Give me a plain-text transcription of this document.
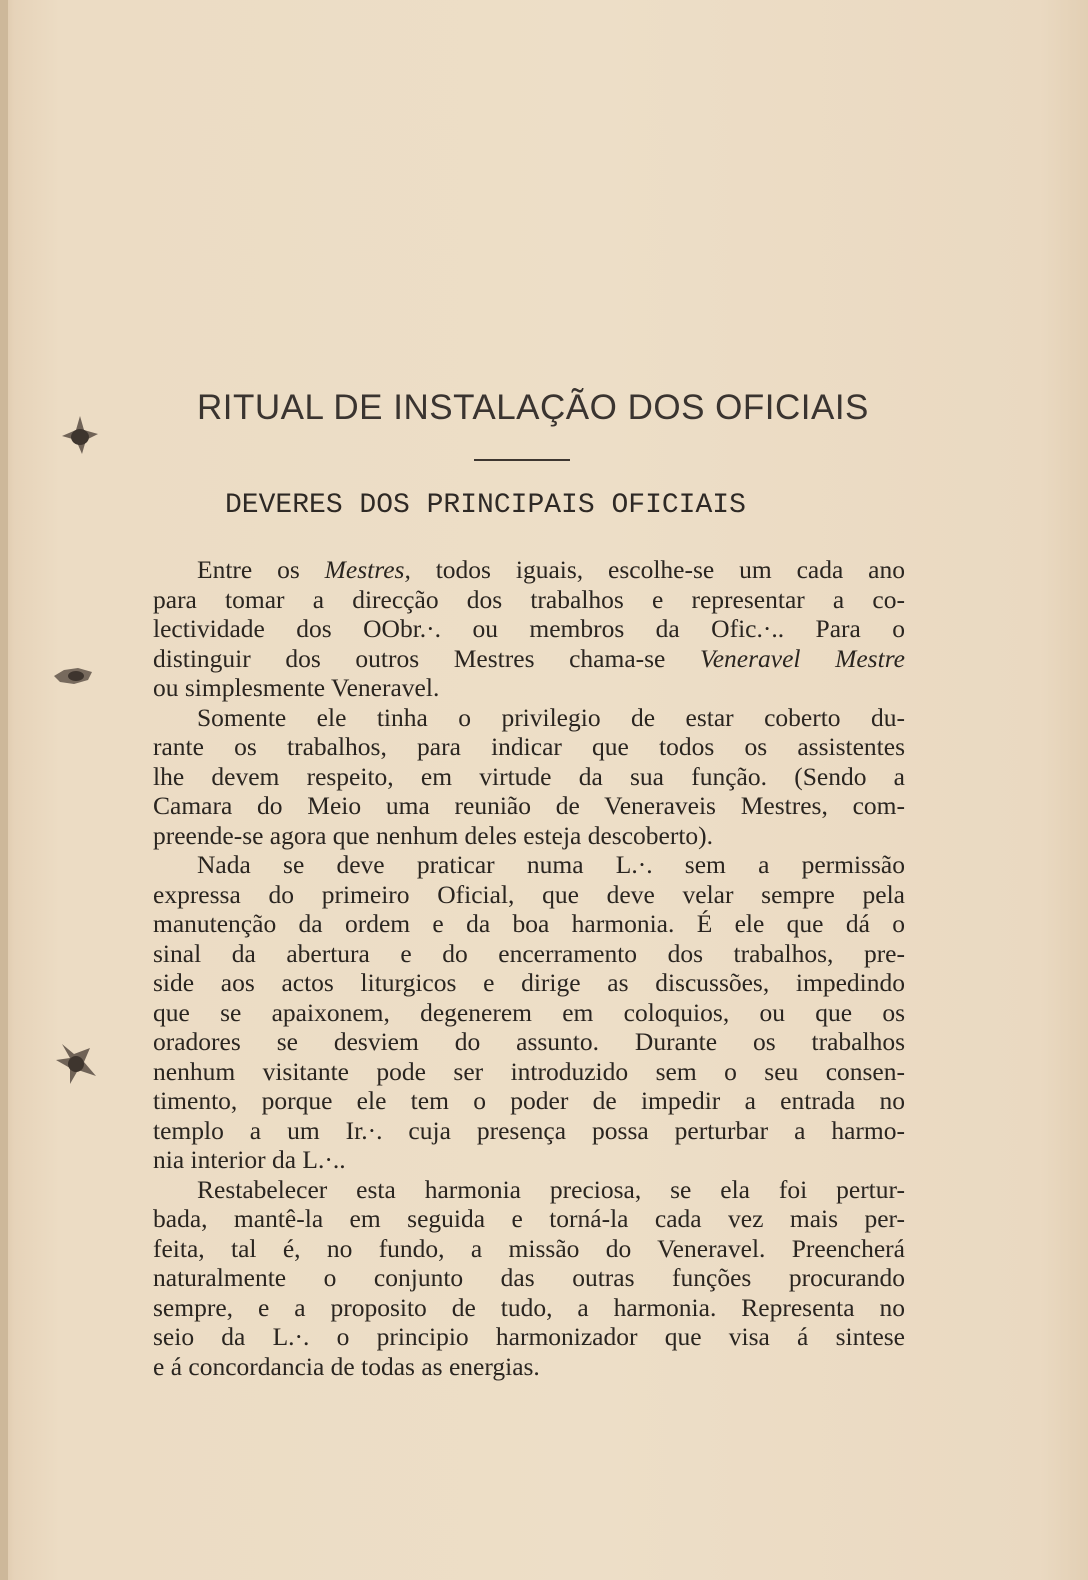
RITUAL DE INSTALAÇÃO DOS OFICIAIS
DEVERES DOS PRINCIPAIS OFICIAIS
Entre os Mestres, todos iguais, escolhe-se um cada ano
para tomar a direcção dos trabalhos e representar a co-
lectividade dos OObr.·. ou membros da Ofic.·.. Para o
distinguir dos outros Mestres chama-se Veneravel Mestre
ou simplesmente Veneravel.
Somente ele tinha o privilegio de estar coberto du-
rante os trabalhos, para indicar que todos os assistentes
lhe devem respeito, em virtude da sua função. (Sendo a
Camara do Meio uma reunião de Veneraveis Mestres, com-
preende-se agora que nenhum deles esteja descoberto).
Nada se deve praticar numa L.·. sem a permissão
expressa do primeiro Oficial, que deve velar sempre pela
manutenção da ordem e da boa harmonia. É ele que dá o
sinal da abertura e do encerramento dos trabalhos, pre-
side aos actos liturgicos e dirige as discussões, impedindo
que se apaixonem, degenerem em coloquios, ou que os
oradores se desviem do assunto. Durante os trabalhos
nenhum visitante pode ser introduzido sem o seu consen-
timento, porque ele tem o poder de impedir a entrada no
templo a um Ir.·. cuja presença possa perturbar a harmo-
nia interior da L.·..
Restabelecer esta harmonia preciosa, se ela foi pertur-
bada, mantê-la em seguida e torná-la cada vez mais per-
feita, tal é, no fundo, a missão do Veneravel. Preencherá
naturalmente o conjunto das outras funções procurando
sempre, e a proposito de tudo, a harmonia. Representa no
seio da L.·. o principio harmonizador que visa á sintese
e á concordancia de todas as energias.
